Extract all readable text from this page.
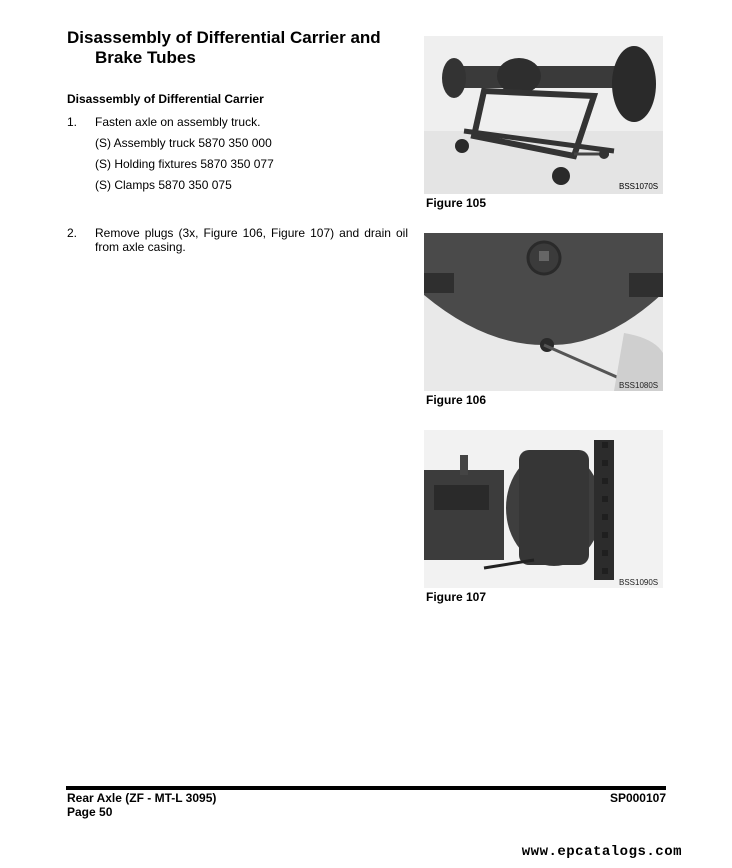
Disassembly of Differential Carrier and
Brake Tubes
Disassembly of Differential Carrier
1. Fasten axle on assembly truck.
(S) Assembly truck 5870 350 000
(S) Holding fixtures 5870 350 077
(S) Clamps 5870 350 075
2. Remove plugs (3x, Figure 106, Figure 107) and drain oil from axle casing.
BSS1070S
Figure 105
BSS1080S
Figure 106
BSS1090S
Figure 107
Rear Axle (ZF - MT-L 3095)
Page 50
SP000107
www.epcatalogs.com
